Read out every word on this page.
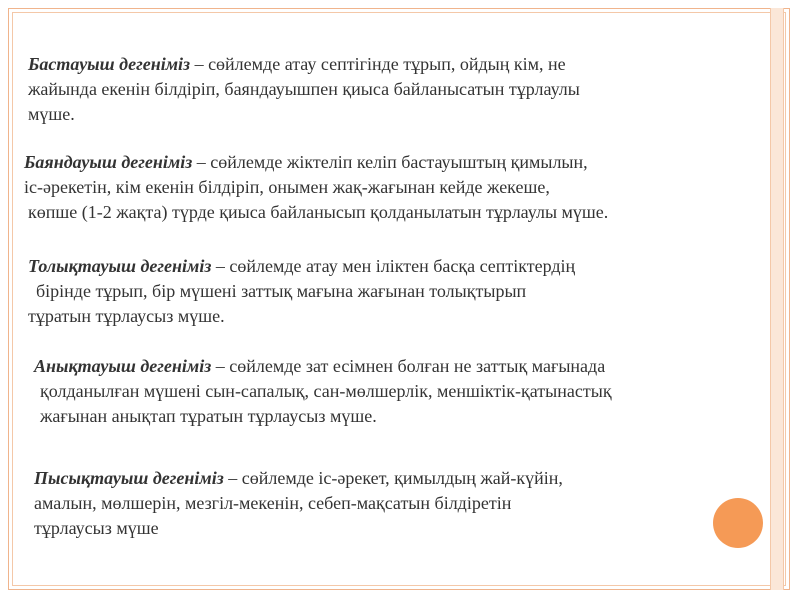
Бастауыш дегеніміз – сөйлемде атау септігінде тұрып, ойдың кім, не
жайында екенін білдіріп, баяндауышпен қиыса байланысатын тұрлаулы
мүше.

Баяндауыш дегеніміз – сөйлемде жіктеліп келіп бастауыштың қимылын,
іс-әрекетін, кім екенін білдіріп, онымен жақ-жағынан кейде жекеше,
көпше (1-2 жақта) түрде қиыса байланысып қолданылатын тұрлаулы мүше.

Толықтауыш дегеніміз – сөйлемде атау мен іліктен басқа септіктердің
бірінде тұрып, бір мүшені заттық мағына жағынан толықтырып
тұратын тұрлаусыз мүше.

Анықтауыш дегеніміз – сөйлемде зат есімнен болған не заттық мағынада
қолданылған мүшені сын-сапалық, сан-мөлшерлік, меншіктік-қатынастық
жағынан анықтап тұратын тұрлаусыз мүше.

Пысықтауыш дегеніміз – сөйлемде іс-әрекет, қимылдың жай-күйін,
амалын, мөлшерін, мезгіл-мекенін, себеп-мақсатын білдіретін
тұрлаусыз мүше
